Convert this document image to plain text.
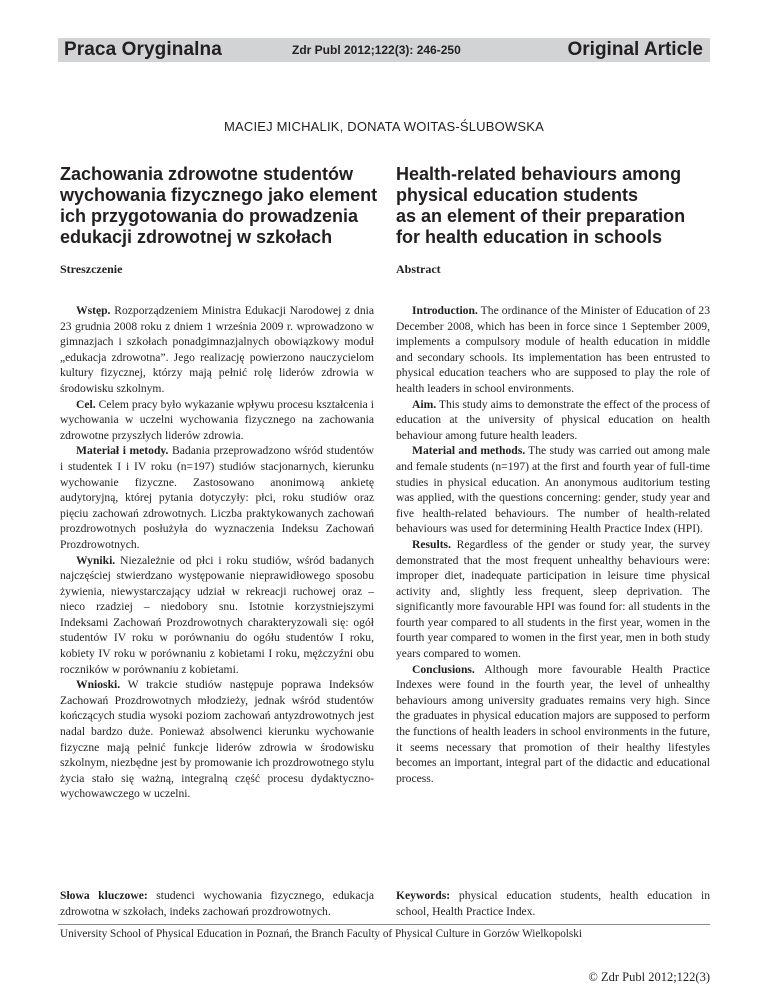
Praca Oryginalna	Zdr Publ 2012;122(3): 246-250	Original Article
MACIEJ MICHALIK, DONATA WOITAS-ŚLUBOWSKA
Zachowania zdrowotne studentów
wychowania fizycznego jako element
ich przygotowania do prowadzenia
edukacji zdrowotnej w szkołach
Health-related behaviours among
physical education students
as an element of their preparation
for health education in schools
Streszczenie	Abstract

Wstęp. Rozporządzeniem Ministra Edukacji Narodowej z dnia 23 grudnia 2008 roku z dniem 1 września 2009 r. wprowadzono w gimnazjach i szkołach ponadgimnazjalnych obowiązkowy moduł „edukacja zdrowotna”. Jego realizację powierzono nauczycielom kultury fizycznej, którzy mają pełnić rolę liderów zdrowia w środowisku szkolnym.

Cel. Celem pracy było wykazanie wpływu procesu kształcenia i wychowania w uczelni wychowania fizycznego na zachowania zdrowotne przyszłych liderów zdrowia.

Materiał i metody. Badania przeprowadzono wśród studentów i studentek I i IV roku (n=197) studiów stacjonarnych, kierunku wychowanie fizyczne. Zastosowano anonimową ankietę audytoryjną, której pytania dotyczyły: płci, roku studiów oraz pięciu zachowań zdrowotnych. Liczba praktykowanych zachowań prozdrowotnych posłużyła do wyznaczenia Indeksu Zachowań Prozdrowotnych.

Wyniki. Niezależnie od płci i roku studiów, wśród badanych najczęściej stwierdzano występowanie nieprawidłowego sposobu żywienia, niewystarczający udział w rekreacji ruchowej oraz – nieco rzadziej – niedobory snu. Istotnie korzystniejszymi Indeksami Zachowań Prozdrowotnych charakteryzowali się: ogół studentów IV roku w porównaniu do ogółu studentów I roku, kobiety IV roku w porównaniu z kobietami I roku, mężczyźni obu roczników w porównaniu z kobietami.

Wnioski. W trakcie studiów następuje poprawa Indeksów Zachowań Prozdrowotnych młodzieży, jednak wśród studentów kończących studia wysoki poziom zachowań antyzdrowotnych jest nadal bardzo duże. Ponieważ absolwenci kierunku wychowanie fizyczne mają pełnić funkcje liderów zdrowia w środowisku szkolnym, niezbędne jest by promowanie ich prozdrowotnego stylu życia stało się ważną, integralną część procesu dydaktyczno-wychowawczego w uczelni.

Introduction. The ordinance of the Minister of Education of 23 December 2008, which has been in force since 1 September 2009, implements a compulsory module of health education in middle and secondary schools. Its implementation has been entrusted to physical education teachers who are supposed to play the role of health leaders in school environments.

Aim. This study aims to demonstrate the effect of the process of education at the university of physical education on health behaviour among future health leaders.

Material and methods. The study was carried out among male and female students (n=197) at the first and fourth year of full-time studies in physical education. An anonymous auditorium testing was applied, with the questions concerning: gender, study year and five health-related behaviours. The number of health-related behaviours was used for determining Health Practice Index (HPI).

Results. Regardless of the gender or study year, the survey demonstrated that the most frequent unhealthy behaviours were: improper diet, inadequate participation in leisure time physical activity and, slightly less frequent, sleep deprivation. The significantly more favourable HPI was found for: all students in the fourth year compared to all students in the first year, women in the fourth year compared to women in the first year, men in both study years compared to women.

Conclusions. Although more favourable Health Practice Indexes were found in the fourth year, the level of unhealthy behaviours among university graduates remains very high. Since the graduates in physical education majors are supposed to perform the functions of health leaders in school environments in the future, it seems necessary that promotion of their healthy lifestyles becomes an important, integral part of the didactic and educational process.

Słowa kluczowe: studenci wychowania fizycznego, edukacja zdrowotna w szkołach, indeks zachowań prozdrowotnych.
Keywords: physical education students, health education in school, Health Practice Index.
University School of Physical Education in Poznań, the Branch Faculty of Physical Culture in Gorzów Wielkopolski
© Zdr Publ 2012;122(3)
